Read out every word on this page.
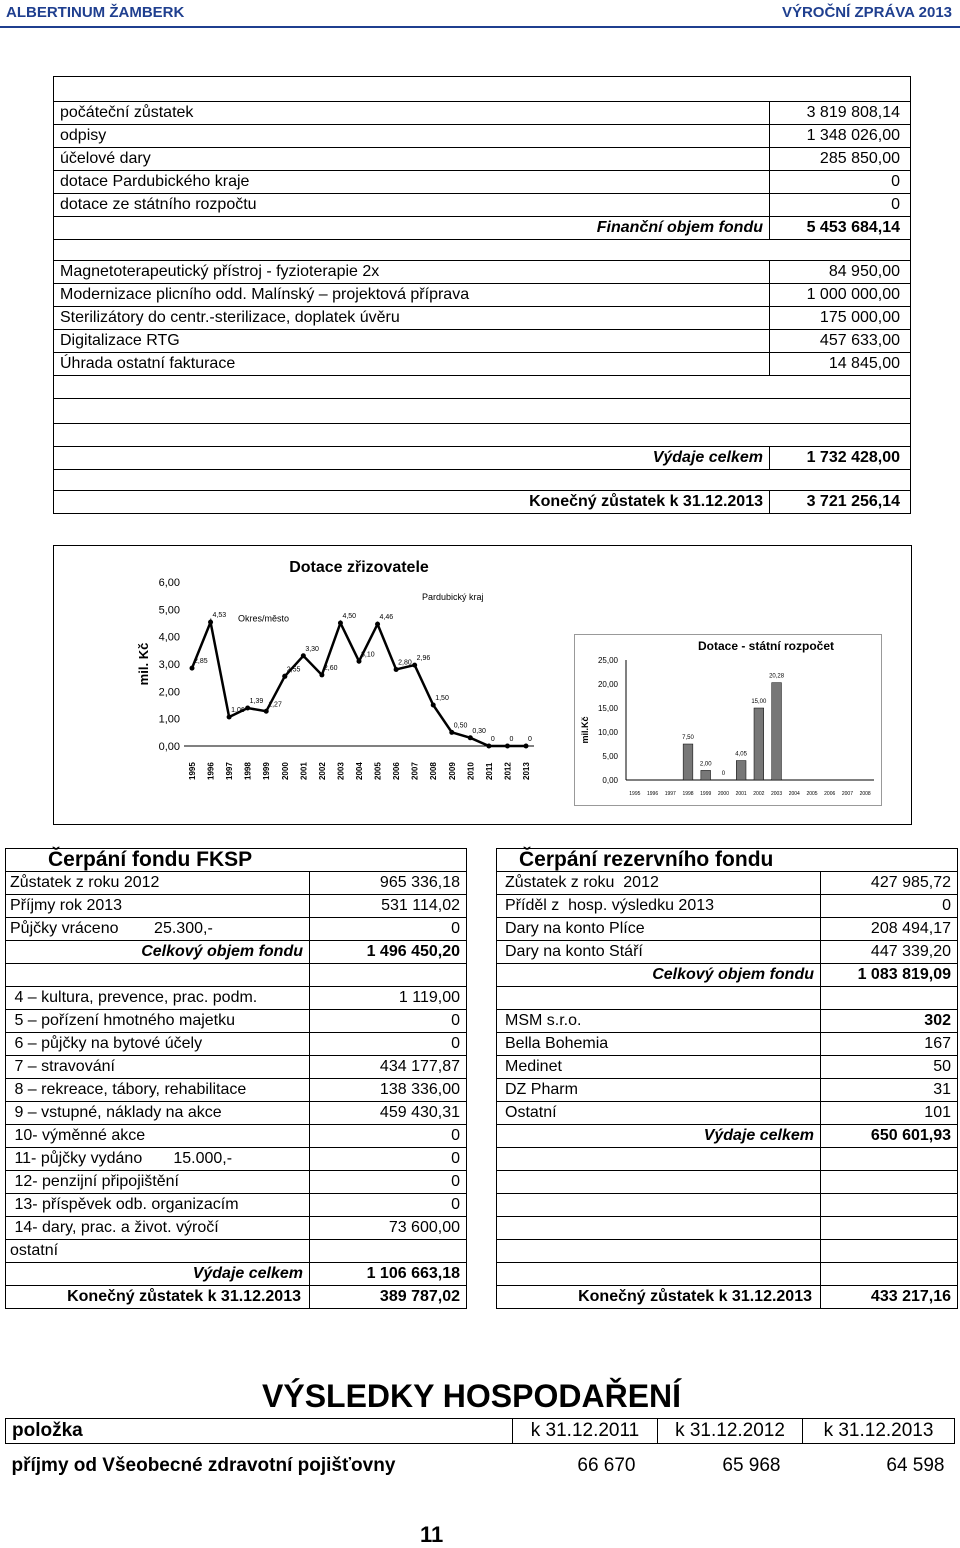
ALBERTINUM ŽAMBERK	VÝROČNÍ ZPRÁVA 2013

počáteční zůstatek	3 819 808,14
odpisy	1 348 026,00
účelové dary	285 850,00
dotace Pardubického kraje	0
dotace ze státního rozpočtu	0
Finanční objem fondu	5 453 684,14

Magnetoterapeutický přístroj - fyzioterapie 2x	84 950,00
Modernizace plicního odd. Malínský – projektová příprava	1 000 000,00
Sterilizátory do centr.-sterilizace, doplatek úvěru	175 000,00
Digitalizace RTG	457 633,00
Úhrada ostatní fakturace	14 845,00

Výdaje celkem	1 732 428,00

Konečný zůstatek k 31.12.2013	3 721 256,14
Dotace zřizovatele
mil. Kč
0,00
1,00
2,00
3,00
4,00
5,00
6,00
1995 1996 1997 1998 1999 2000 2001 2002 2003 2004 2005 2006 2007 2008 2009 2010 2011 2012 2013
2,85
4,53
1,06
1,39 1,27
2,55
3,30
2,60
4,50
3,10
4,46
2,80
2,96
1,50
0,50
0,30
0 0 0
Okres/město
Pardubický kraj
Dotace - státní rozpočet
mil.Kč
0,00
5,00
10,00
15,00
20,00
25,00
1995 1996 1997 1998
7,50
1999
2,00
2000
0
2001
4,05
2002
15,00
2003
20,28
2004 2005 2006 2007 2008
Čerpání fondu FKSP	
Zůstatek z roku 2012	965 336,18
Příjmy rok 2013	531 114,02
Půjčky vráceno        25.300,-	0
Celkový objem fondu	1 496 450,20

4 – kultura, prevence, prac. podm.	1 119,00
5 – pořízení hmotného majetku	0
6 – půjčky na bytové účely	0
7 – stravování	434 177,87
8 – rekreace, tábory, rehabilitace	138 336,00
9 – vstupné, náklady na akce	459 430,31
10- výměnné akce	0
11- půjčky vydáno       15.000,-	0
12- penzijní připojištění	0
13- příspěvek odb. organizacím	0
14- dary, prac. a život. výročí	73 600,00
ostatní	
Výdaje celkem	1 106 663,18
Konečný zůstatek k 31.12.2013	389 787,02
Čerpání rezervního fondu	
Zůstatek z roku  2012	427 985,72
Příděl z  hosp. výsledku 2013	0
Dary na konto Plíce	208 494,17
Dary na konto Stáří	447 339,20
Celkový objem fondu	1 083 819,09

MSM s.r.o.	302
Bella Bohemia	167
Medinet	50
DZ Pharm	31
Ostatní	101
Výdaje celkem	650 601,93

Konečný zůstatek k 31.12.2013	433 217,16
VÝSLEDKY HOSPODAŘENÍ
položka	k 31.12.2011	k 31.12.2012	k 31.12.2013

příjmy od Všeobecné zdravotní pojišťovny	66 670	65 968	64 598
11
